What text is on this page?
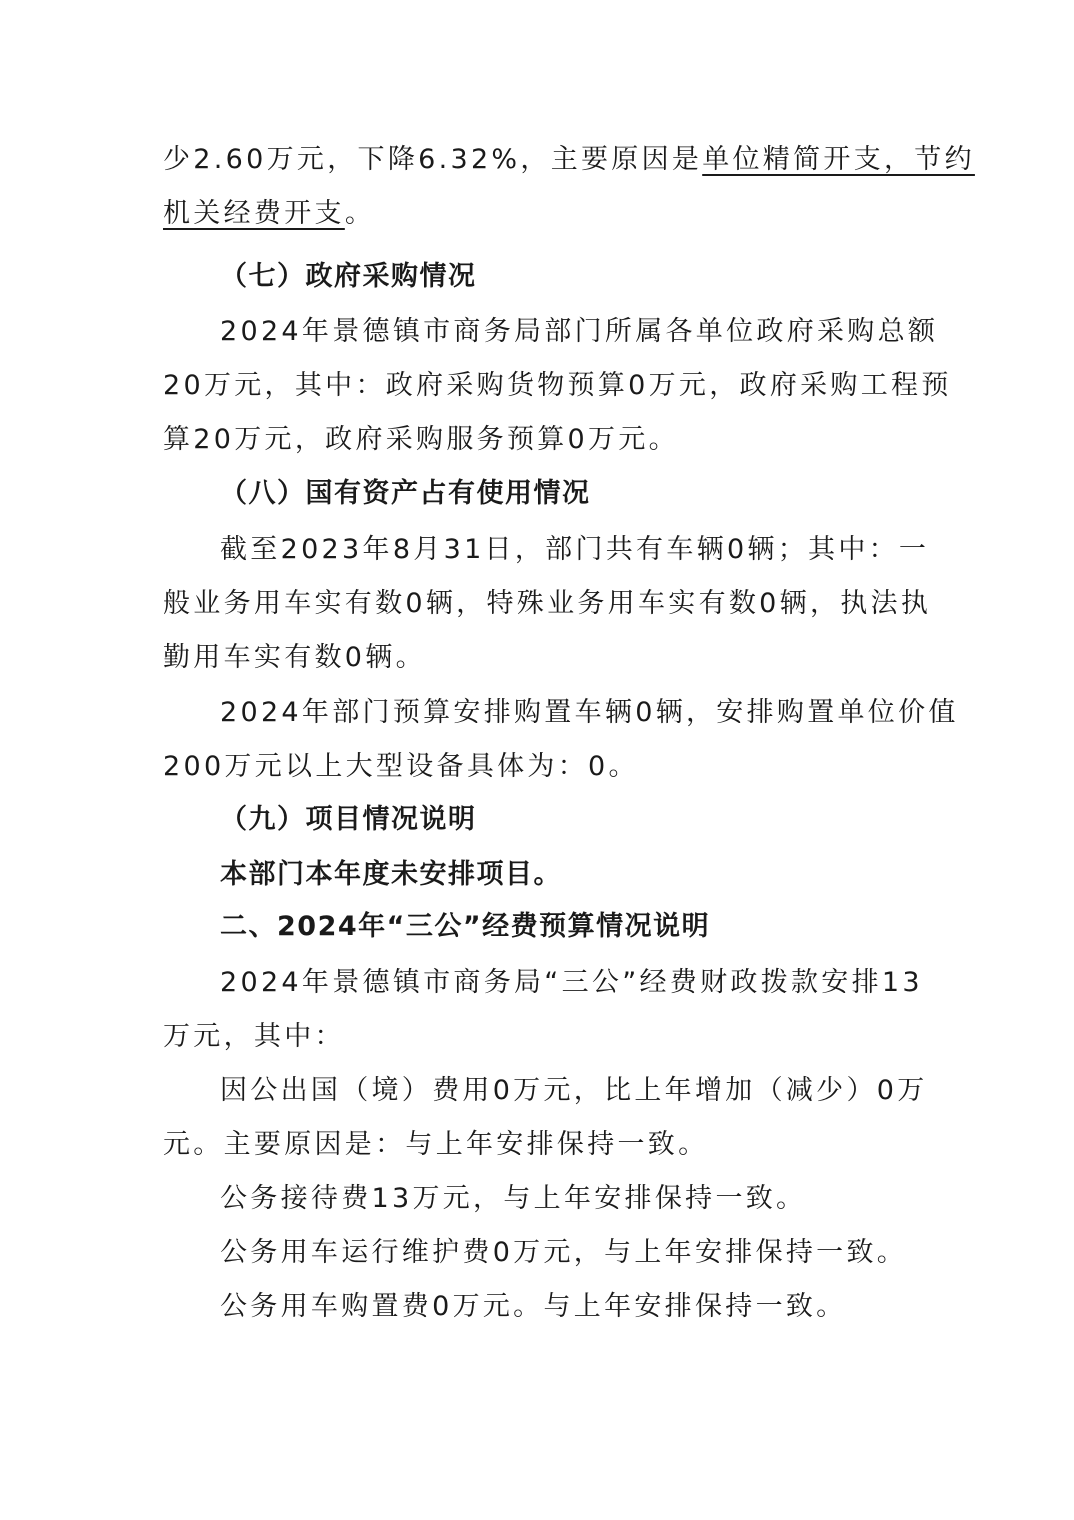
少2.60万元，下降6.32%，主要原因是单位精简开支，节约
机关经费开支。
（七）政府采购情况
2024年景德镇市商务局部门所属各单位政府采购总额
20万元，其中：政府采购货物预算0万元，政府采购工程预
算20万元，政府采购服务预算0万元。
（八）国有资产占有使用情况
截至2023年8月31日，部门共有车辆0辆；其中：一
般业务用车实有数0辆，特殊业务用车实有数0辆，执法执
勤用车实有数0辆。
2024年部门预算安排购置车辆0辆，安排购置单位价值
200万元以上大型设备具体为：0。
（九）项目情况说明
本部门本年度未安排项目。
二、2024年“三公”经费预算情况说明
2024年景德镇市商务局“三公”经费财政拨款安排13
万元，其中：
因公出国（境）费用0万元，比上年增加（减少）0万
元。主要原因是：与上年安排保持一致。
公务接待费13万元，与上年安排保持一致。
公务用车运行维护费0万元，与上年安排保持一致。
公务用车购置费0万元。与上年安排保持一致。
